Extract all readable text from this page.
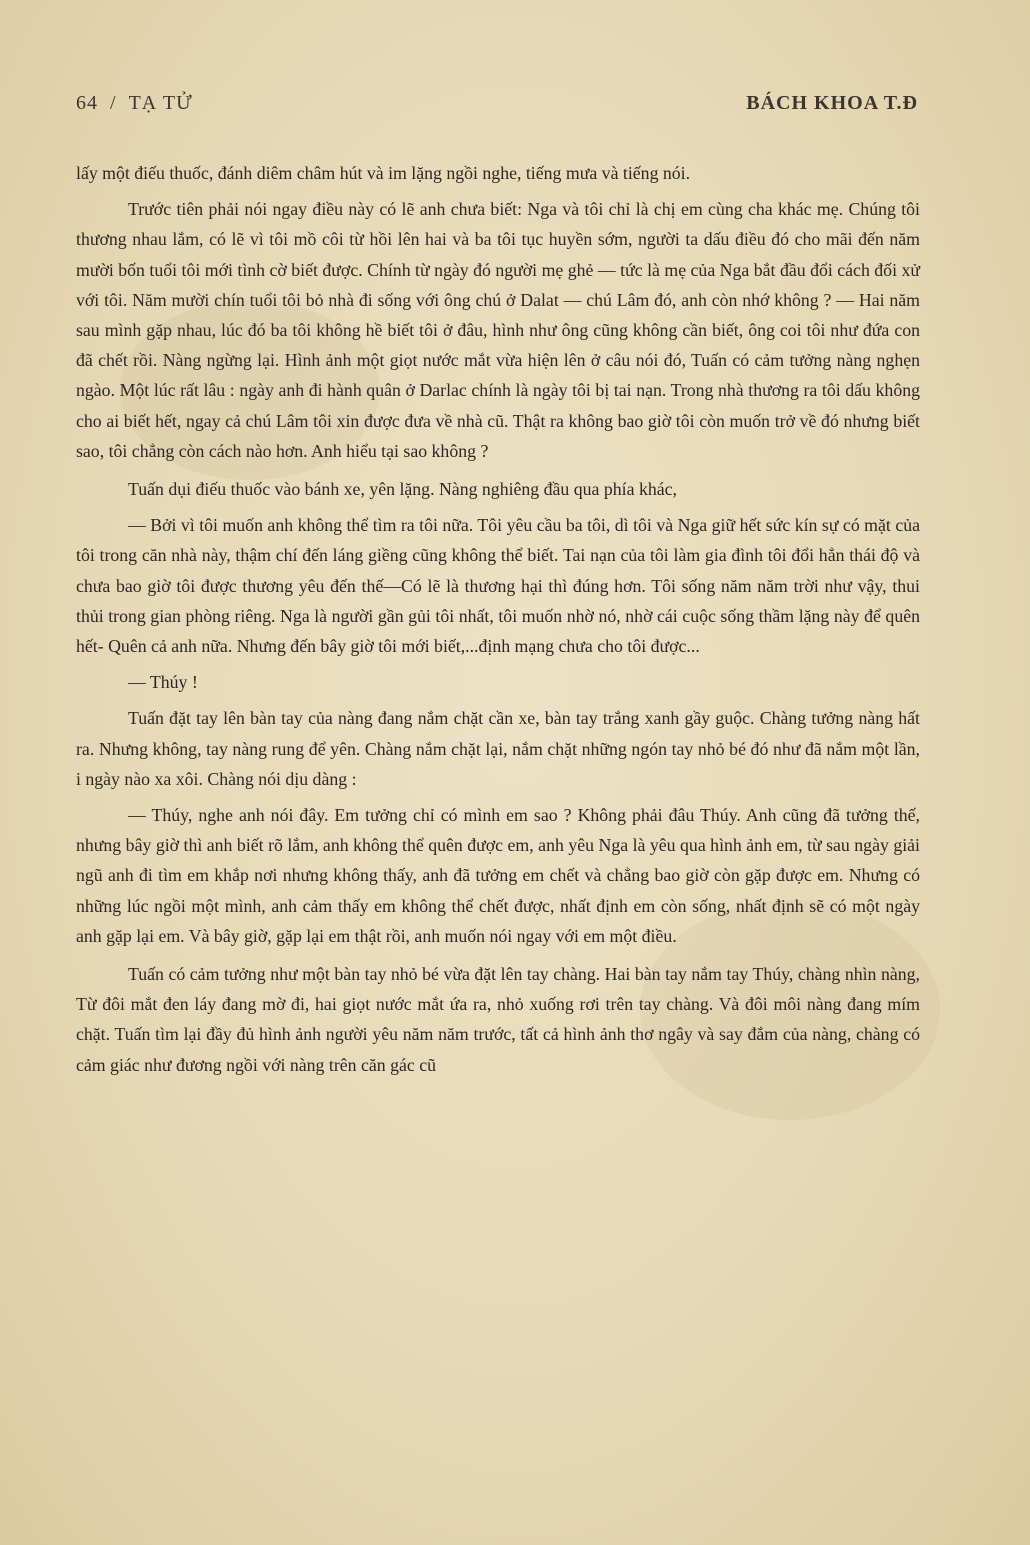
64 / TẠ TỬ	BÁCH KHOA T.Đ

lấy một điếu thuốc, đánh diêm châm hút và im lặng ngồi nghe, tiếng mưa và tiếng nói.

Trước tiên phải nói ngay điều này có lẽ anh chưa biết: Nga và tôi chỉ là chị em cùng cha khác mẹ. Chúng tôi thương nhau lắm, có lẽ vì tôi mồ côi từ hồi lên hai và ba tôi tục huyền sớm, người ta dấu điều đó cho mãi đến năm mười bốn tuổi tôi mới tình cờ biết được. Chính từ ngày đó người mẹ ghẻ — tức là mẹ của Nga bắt đầu đổi cách đối xử với tôi. Năm mười chín tuổi tôi bỏ nhà đi sống với ông chú ở Dalat — chú Lâm đó, anh còn nhớ không ? — Hai năm sau mình gặp nhau, lúc đó ba tôi không hề biết tôi ở đâu, hình như ông cũng không cần biết, ông coi tôi như đứa con đã chết rồi. Nàng ngừng lại. Hình ảnh một giọt nước mắt vừa hiện lên ở câu nói đó, Tuấn có cảm tưởng nàng nghẹn ngào. Một lúc rất lâu : ngày anh đi hành quân ở Darlac chính là ngày tôi bị tai nạn. Trong nhà thương ra tôi dấu không cho ai biết hết, ngay cả chú Lâm tôi xin được đưa về nhà cũ. Thật ra không bao giờ tôi còn muốn trở về đó nhưng biết sao, tôi chẳng còn cách nào hơn. Anh hiểu tại sao không ?

Tuấn dụi điếu thuốc vào bánh xe, yên lặng. Nàng nghiêng đầu qua phía khác,

— Bởi vì tôi muốn anh không thể tìm ra tôi nữa. Tôi yêu cầu ba tôi, dì tôi và Nga giữ hết sức kín sự có mặt của tôi trong căn nhà này, thậm chí đến láng giềng cũng không thể biết. Tai nạn của tôi làm gia đình tôi đổi hẳn thái độ và chưa bao giờ tôi được thương yêu đến thế—Có lẽ là thương hại thì đúng hơn. Tôi sống năm năm trời như vậy, thui thủi trong gian phòng riêng. Nga là người gần gủi tôi nhất, tôi muốn nhờ nó, nhờ cái cuộc sống thầm lặng này để quên hết- Quên cả anh nữa. Nhưng đến bây giờ tôi mới biết,...định mạng chưa cho tôi được...

— Thúy !

Tuấn đặt tay lên bàn tay của nàng đang nắm chặt cần xe, bàn tay trắng xanh gầy guộc. Chàng tưởng nàng hất ra. Nhưng không, tay nàng rung để yên. Chàng nắm chặt lại, nắm chặt những ngón tay nhỏ bé đó như đã nắm một lần, i ngày nào xa xôi. Chàng nói dịu dàng :

— Thúy, nghe anh nói đây. Em tưởng chỉ có mình em sao ? Không phải đâu Thúy. Anh cũng đã tưởng thế, nhưng bây giờ thì anh biết rõ lắm, anh không thể quên được em, anh yêu Nga là yêu qua hình ảnh em, từ sau ngày giải ngũ anh đi tìm em khắp nơi nhưng không thấy, anh đã tưởng em chết và chẳng bao giờ còn gặp được em. Nhưng có những lúc ngồi một mình, anh cảm thấy em không thể chết được, nhất định em còn sống, nhất định sẽ có một ngày anh gặp lại em. Và bây giờ, gặp lại em thật rồi, anh muốn nói ngay với em một điều.

Tuấn có cảm tưởng như một bàn tay nhỏ bé vừa đặt lên tay chàng. Hai bàn tay nắm tay Thúy, chàng nhìn nàng, Từ đôi mắt đen láy đang mờ đi, hai giọt nước mắt ứa ra, nhỏ xuống rơi trên tay chàng. Và đôi môi nàng đang mím chặt. Tuấn tìm lại đầy đủ hình ảnh người yêu năm năm trước, tất cả hình ảnh thơ ngây và say đắm của nàng, chàng có cảm giác như đương ngồi với nàng trên căn gác cũ
